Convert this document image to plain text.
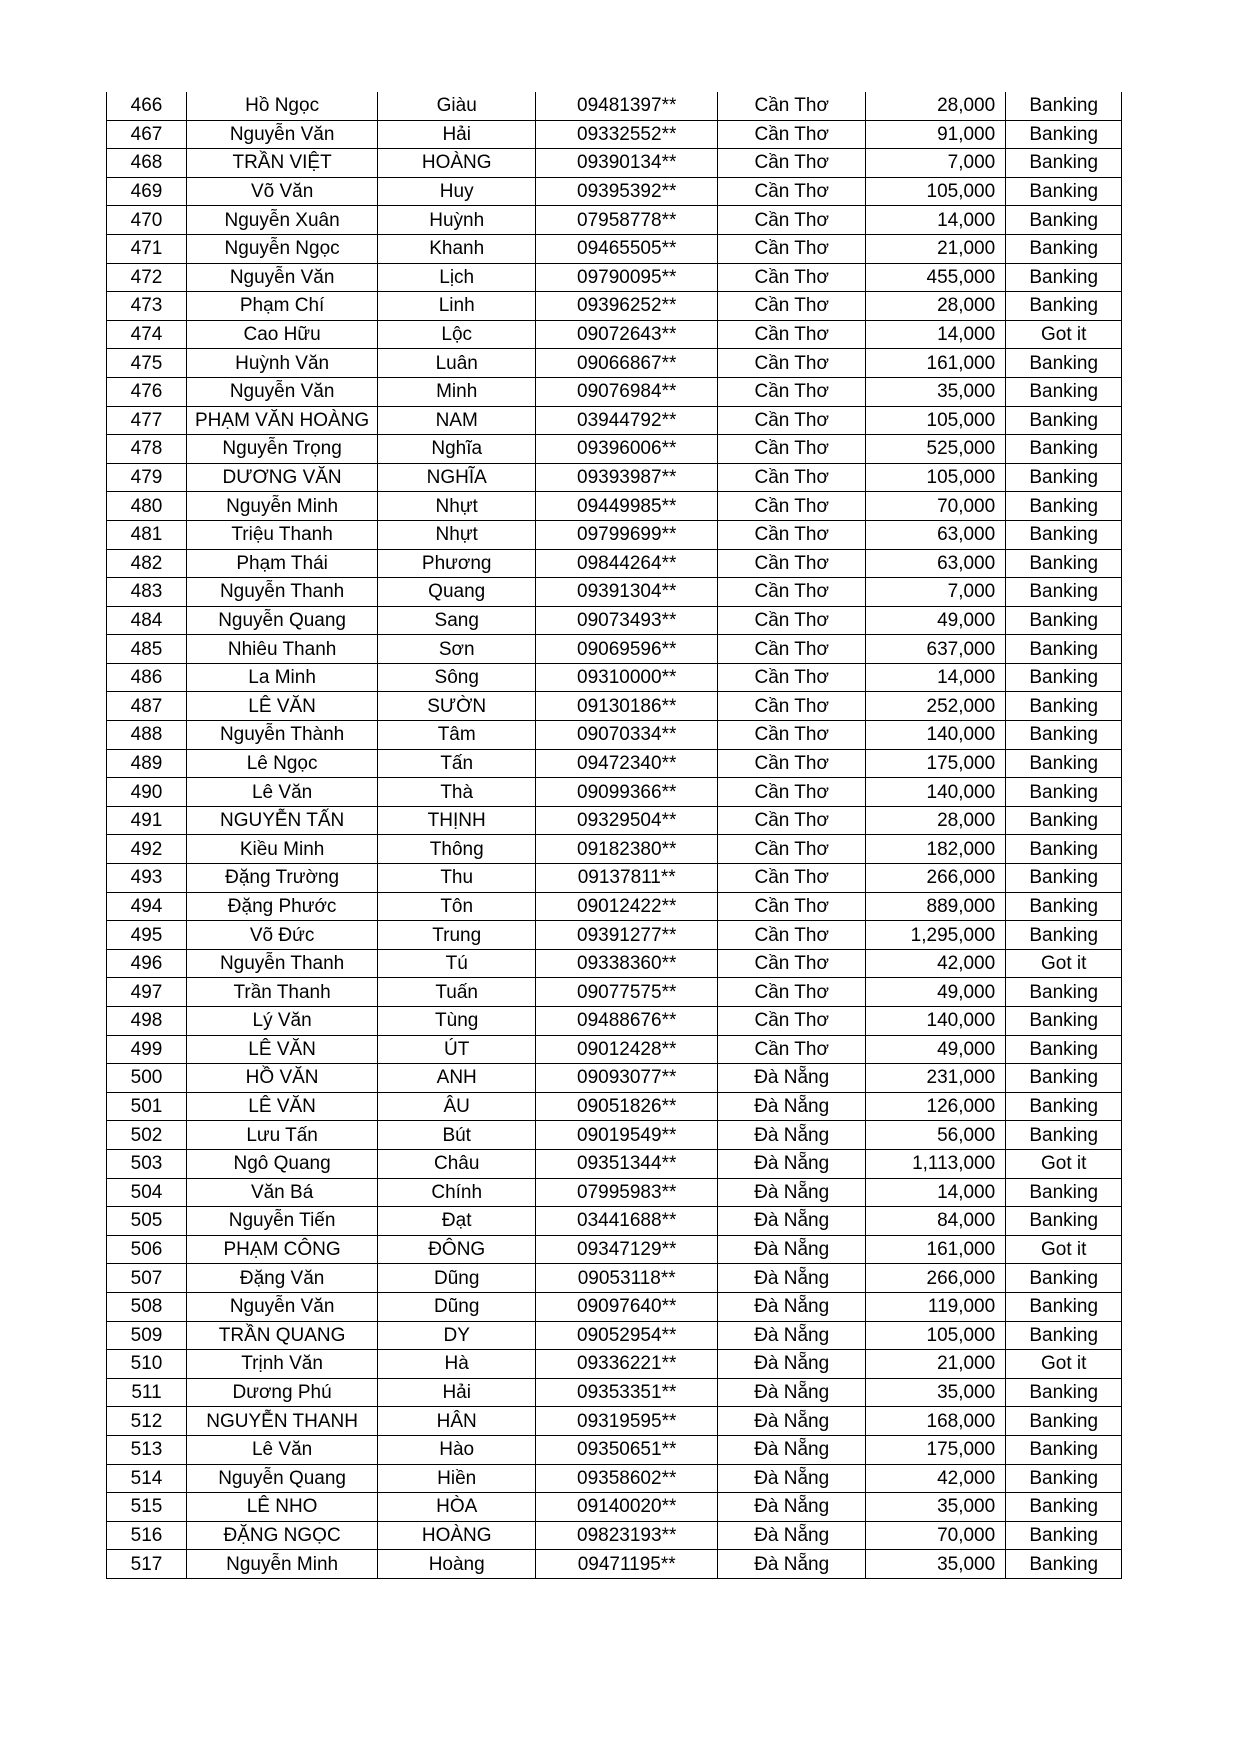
466	Hồ Ngọc	Giàu	09481397**	Cần Thơ	28,000	Banking
467	Nguyễn Văn	Hải	09332552**	Cần Thơ	91,000	Banking
468	TRẦN VIỆT	HOÀNG	09390134**	Cần Thơ	7,000	Banking
469	Võ Văn	Huy	09395392**	Cần Thơ	105,000	Banking
470	Nguyễn Xuân	Huỳnh	07958778**	Cần Thơ	14,000	Banking
471	Nguyễn Ngọc	Khanh	09465505**	Cần Thơ	21,000	Banking
472	Nguyễn Văn	Lịch	09790095**	Cần Thơ	455,000	Banking
473	Phạm Chí	Linh	09396252**	Cần Thơ	28,000	Banking
474	Cao Hữu	Lộc	09072643**	Cần Thơ	14,000	Got it
475	Huỳnh Văn	Luân	09066867**	Cần Thơ	161,000	Banking
476	Nguyễn Văn	Minh	09076984**	Cần Thơ	35,000	Banking
477	PHẠM VĂN HOÀNG	NAM	03944792**	Cần Thơ	105,000	Banking
478	Nguyễn Trọng	Nghĩa	09396006**	Cần Thơ	525,000	Banking
479	DƯƠNG VĂN	NGHĨA	09393987**	Cần Thơ	105,000	Banking
480	Nguyễn Minh	Nhựt	09449985**	Cần Thơ	70,000	Banking
481	Triệu Thanh	Nhựt	09799699**	Cần Thơ	63,000	Banking
482	Phạm Thái	Phương	09844264**	Cần Thơ	63,000	Banking
483	Nguyễn Thanh	Quang	09391304**	Cần Thơ	7,000	Banking
484	Nguyễn Quang	Sang	09073493**	Cần Thơ	49,000	Banking
485	Nhiêu Thanh	Sơn	09069596**	Cần Thơ	637,000	Banking
486	La Minh	Sông	09310000**	Cần Thơ	14,000	Banking
487	LÊ VĂN	SƯỜN	09130186**	Cần Thơ	252,000	Banking
488	Nguyễn Thành	Tâm	09070334**	Cần Thơ	140,000	Banking
489	Lê Ngọc	Tấn	09472340**	Cần Thơ	175,000	Banking
490	Lê Văn	Thà	09099366**	Cần Thơ	140,000	Banking
491	NGUYỄN TẤN	THỊNH	09329504**	Cần Thơ	28,000	Banking
492	Kiều Minh	Thông	09182380**	Cần Thơ	182,000	Banking
493	Đặng Trường	Thu	09137811**	Cần Thơ	266,000	Banking
494	Đặng Phước	Tôn	09012422**	Cần Thơ	889,000	Banking
495	Võ Đức	Trung	09391277**	Cần Thơ	1,295,000	Banking
496	Nguyễn Thanh	Tú	09338360**	Cần Thơ	42,000	Got it
497	Trần Thanh	Tuấn	09077575**	Cần Thơ	49,000	Banking
498	Lý Văn	Tùng	09488676**	Cần Thơ	140,000	Banking
499	LÊ VĂN	ÚT	09012428**	Cần Thơ	49,000	Banking
500	HỒ VĂN	ANH	09093077**	Đà Nẵng	231,000	Banking
501	LÊ VĂN	ÂU	09051826**	Đà Nẵng	126,000	Banking
502	Lưu Tấn	Bút	09019549**	Đà Nẵng	56,000	Banking
503	Ngô Quang	Châu	09351344**	Đà Nẵng	1,113,000	Got it
504	Văn Bá	Chính	07995983**	Đà Nẵng	14,000	Banking
505	Nguyễn Tiến	Đạt	03441688**	Đà Nẵng	84,000	Banking
506	PHẠM CÔNG	ĐÔNG	09347129**	Đà Nẵng	161,000	Got it
507	Đặng Văn	Dũng	09053118**	Đà Nẵng	266,000	Banking
508	Nguyễn Văn	Dũng	09097640**	Đà Nẵng	119,000	Banking
509	TRẦN QUANG	DY	09052954**	Đà Nẵng	105,000	Banking
510	Trịnh Văn	Hà	09336221**	Đà Nẵng	21,000	Got it
511	Dương Phú	Hải	09353351**	Đà Nẵng	35,000	Banking
512	NGUYỄN THANH	HÂN	09319595**	Đà Nẵng	168,000	Banking
513	Lê Văn	Hào	09350651**	Đà Nẵng	175,000	Banking
514	Nguyễn Quang	Hiền	09358602**	Đà Nẵng	42,000	Banking
515	LÊ NHO	HÒA	09140020**	Đà Nẵng	35,000	Banking
516	ĐẶNG NGỌC	HOÀNG	09823193**	Đà Nẵng	70,000	Banking
517	Nguyễn Minh	Hoàng	09471195**	Đà Nẵng	35,000	Banking
